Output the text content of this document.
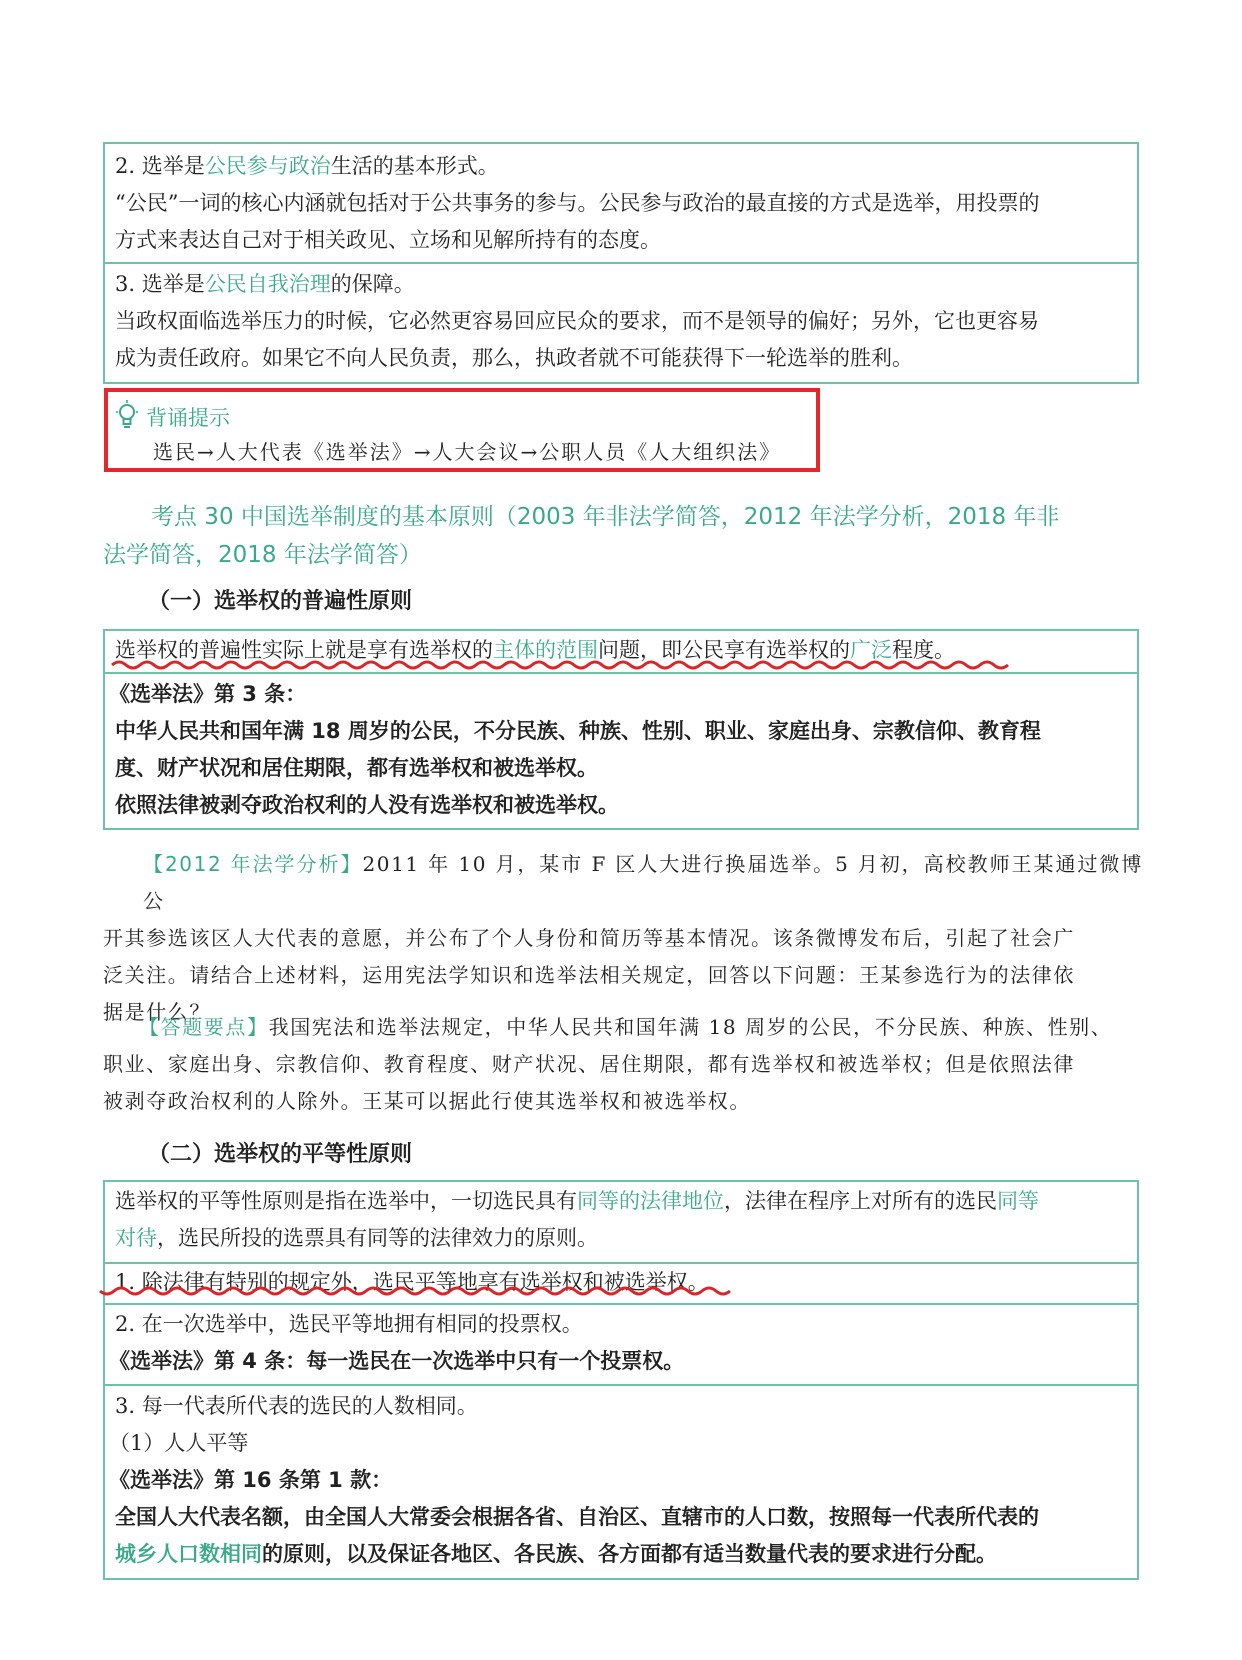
2. 选举是公民参与政治生活的基本形式。
“公民”一词的核心内涵就包括对于公共事务的参与。公民参与政治的最直接的方式是选举，用投票的
方式来表达自己对于相关政见、立场和见解所持有的态度。
3. 选举是公民自我治理的保障。
当政权面临选举压力的时候，它必然更容易回应民众的要求，而不是领导的偏好；另外，它也更容易
成为责任政府。如果它不向人民负责，那么，执政者就不可能获得下一轮选举的胜利。
背诵提示
选民→人大代表《选举法》→人大会议→公职人员《人大组织法》
考点 30 中国选举制度的基本原则（2003 年非法学简答，2012 年法学分析，2018 年非
法学简答，2018 年法学简答）
（一）选举权的普遍性原则
选举权的普遍性实际上就是享有选举权的主体的范围问题，即公民享有选举权的广泛程度。
《选举法》第 3 条：
中华人民共和国年满 18 周岁的公民，不分民族、种族、性别、职业、家庭出身、宗教信仰、教育程
度、财产状况和居住期限，都有选举权和被选举权。
依照法律被剥夺政治权利的人没有选举权和被选举权。
【2012 年法学分析】2011 年 10 月，某市 F 区人大进行换届选举。5 月初，高校教师王某通过微博公
开其参选该区人大代表的意愿，并公布了个人身份和简历等基本情况。该条微博发布后，引起了社会广
泛关注。请结合上述材料，运用宪法学知识和选举法相关规定，回答以下问题：王某参选行为的法律依
据是什么？
【答题要点】我国宪法和选举法规定，中华人民共和国年满 18 周岁的公民，不分民族、种族、性别、
职业、家庭出身、宗教信仰、教育程度、财产状况、居住期限，都有选举权和被选举权；但是依照法律
被剥夺政治权利的人除外。王某可以据此行使其选举权和被选举权。
（二）选举权的平等性原则
选举权的平等性原则是指在选举中，一切选民具有同等的法律地位，法律在程序上对所有的选民同等
对待，选民所投的选票具有同等的法律效力的原则。
1. 除法律有特别的规定外，选民平等地享有选举权和被选举权。
2. 在一次选举中，选民平等地拥有相同的投票权。
《选举法》第 4 条：每一选民在一次选举中只有一个投票权。
3. 每一代表所代表的选民的人数相同。
（1）人人平等
《选举法》第 16 条第 1 款：
全国人大代表名额，由全国人大常委会根据各省、自治区、直辖市的人口数，按照每一代表所代表的
城乡人口数相同的原则，以及保证各地区、各民族、各方面都有适当数量代表的要求进行分配。
